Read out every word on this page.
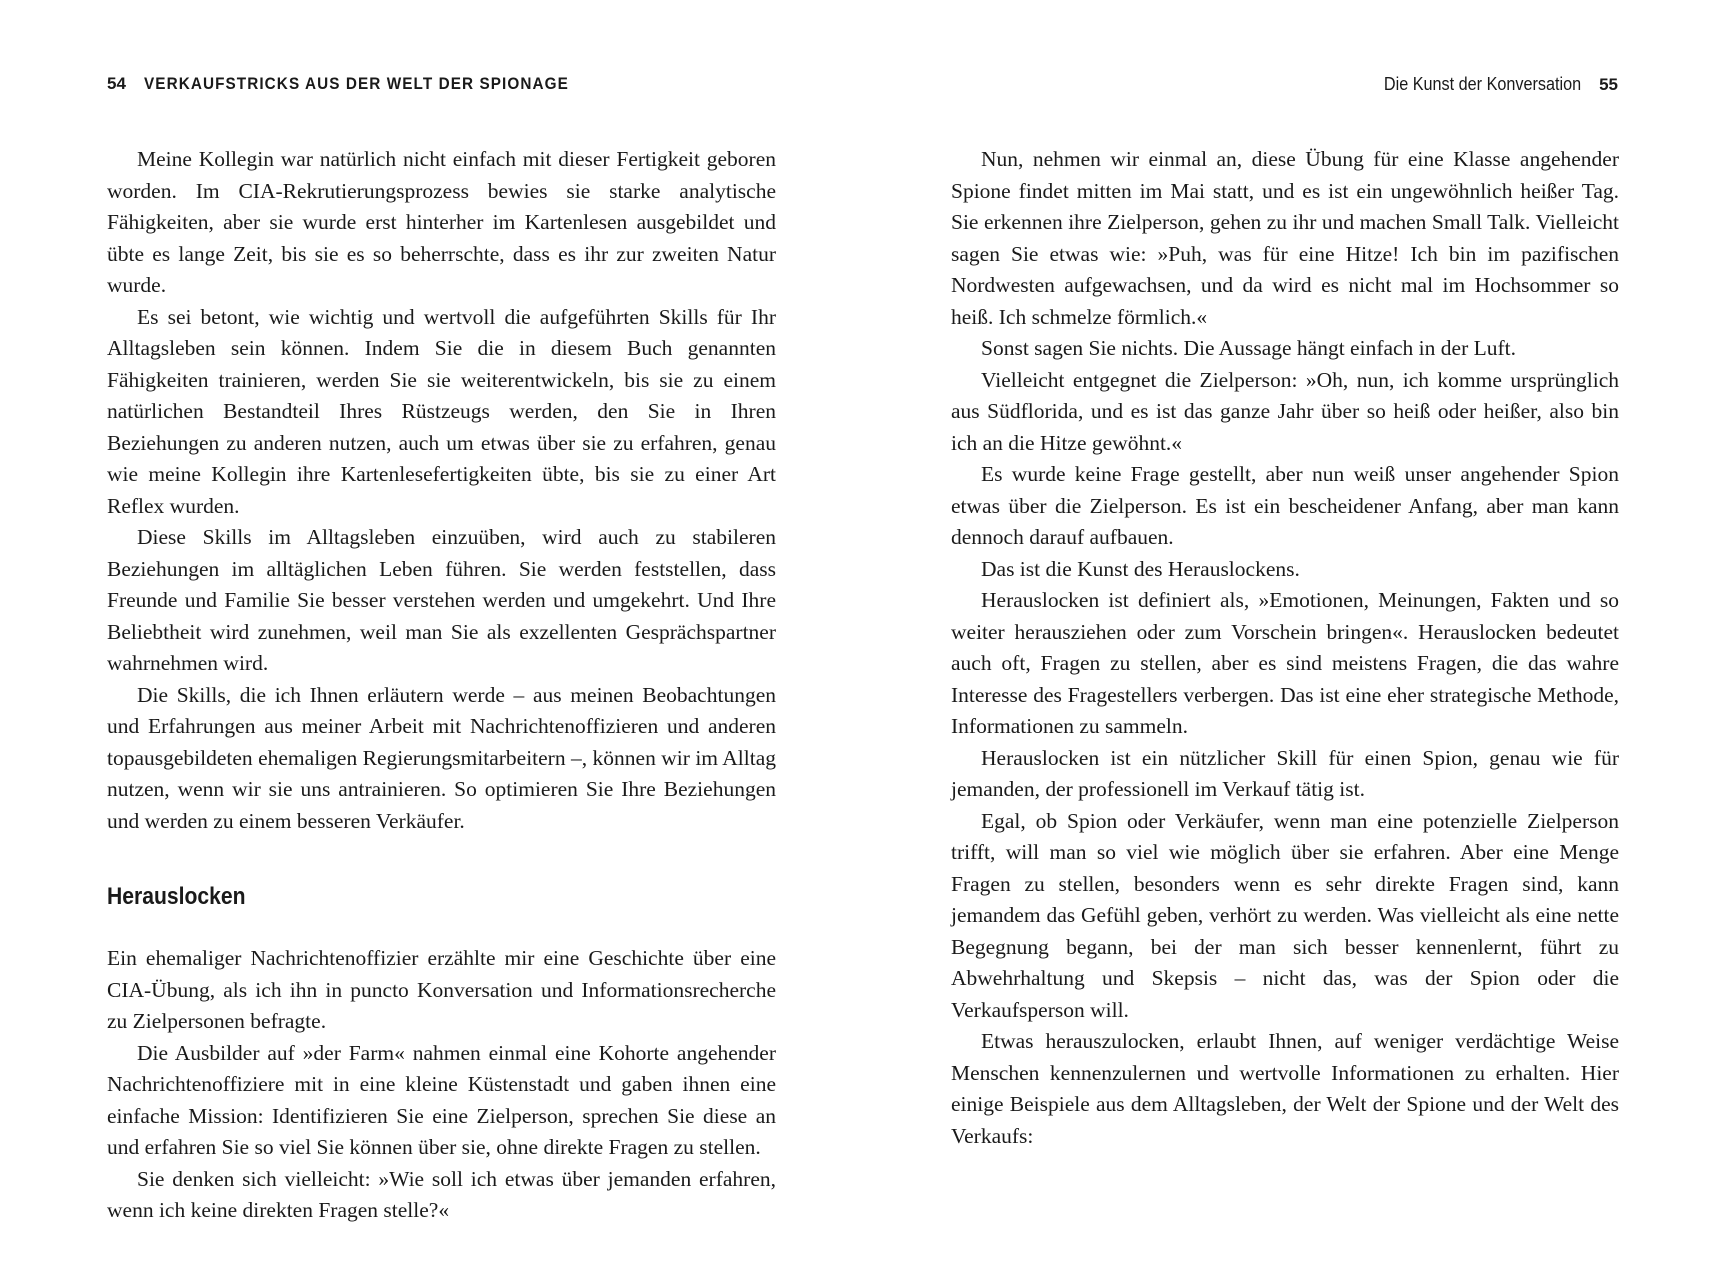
54 VERKAUFSTRICKS AUS DER WELT DER SPIONAGE

Meine Kollegin war natürlich nicht einfach mit dieser Fertigkeit geboren worden. Im CIA-Rekrutierungsprozess bewies sie starke analytische Fähigkeiten, aber sie wurde erst hinterher im Kartenlesen ausgebildet und übte es lange Zeit, bis sie es so beherrschte, dass es ihr zur zweiten Natur wurde.

Es sei betont, wie wichtig und wertvoll die aufgeführten Skills für Ihr Alltagsleben sein können. Indem Sie die in diesem Buch genannten Fähigkeiten trainieren, werden Sie sie weiterentwickeln, bis sie zu einem natürlichen Bestandteil Ihres Rüstzeugs werden, den Sie in Ihren Beziehungen zu anderen nutzen, auch um etwas über sie zu erfahren, genau wie meine Kollegin ihre Kartenlesefertigkeiten übte, bis sie zu einer Art Reflex wurden.

Diese Skills im Alltagsleben einzuüben, wird auch zu stabileren Beziehungen im alltäglichen Leben führen. Sie werden feststellen, dass Freunde und Familie Sie besser verstehen werden und umgekehrt. Und Ihre Beliebtheit wird zunehmen, weil man Sie als exzellenten Gesprächspartner wahrnehmen wird.

Die Skills, die ich Ihnen erläutern werde – aus meinen Beobachtungen und Erfahrungen aus meiner Arbeit mit Nachrichtenoffizieren und anderen topausgebildeten ehemaligen Regierungsmitarbeitern –, können wir im Alltag nutzen, wenn wir sie uns antrainieren. So optimieren Sie Ihre Beziehungen und werden zu einem besseren Verkäufer.

Herauslocken

Ein ehemaliger Nachrichtenoffizier erzählte mir eine Geschichte über eine CIA-Übung, als ich ihn in puncto Konversation und Informationsrecherche zu Zielpersonen befragte.

Die Ausbilder auf »der Farm« nahmen einmal eine Kohorte angehender Nachrichtenoffiziere mit in eine kleine Küstenstadt und gaben ihnen eine einfache Mission: Identifizieren Sie eine Zielperson, sprechen Sie diese an und erfahren Sie so viel Sie können über sie, ohne direkte Fragen zu stellen.

Sie denken sich vielleicht: »Wie soll ich etwas über jemanden erfahren, wenn ich keine direkten Fragen stelle?«

Die Kunst der Konversation 55

Nun, nehmen wir einmal an, diese Übung für eine Klasse angehender Spione findet mitten im Mai statt, und es ist ein ungewöhnlich heißer Tag. Sie erkennen ihre Zielperson, gehen zu ihr und machen Small Talk. Vielleicht sagen Sie etwas wie: »Puh, was für eine Hitze! Ich bin im pazifischen Nordwesten aufgewachsen, und da wird es nicht mal im Hochsommer so heiß. Ich schmelze förmlich.«

Sonst sagen Sie nichts. Die Aussage hängt einfach in der Luft.

Vielleicht entgegnet die Zielperson: »Oh, nun, ich komme ursprünglich aus Südflorida, und es ist das ganze Jahr über so heiß oder heißer, also bin ich an die Hitze gewöhnt.«

Es wurde keine Frage gestellt, aber nun weiß unser angehender Spion etwas über die Zielperson. Es ist ein bescheidener Anfang, aber man kann dennoch darauf aufbauen.

Das ist die Kunst des Herauslockens.

Herauslocken ist definiert als, »Emotionen, Meinungen, Fakten und so weiter herausziehen oder zum Vorschein bringen«. Herauslocken bedeutet auch oft, Fragen zu stellen, aber es sind meistens Fragen, die das wahre Interesse des Fragestellers verbergen. Das ist eine eher strategische Methode, Informationen zu sammeln.

Herauslocken ist ein nützlicher Skill für einen Spion, genau wie für jemanden, der professionell im Verkauf tätig ist.

Egal, ob Spion oder Verkäufer, wenn man eine potenzielle Zielperson trifft, will man so viel wie möglich über sie erfahren. Aber eine Menge Fragen zu stellen, besonders wenn es sehr direkte Fragen sind, kann jemandem das Gefühl geben, verhört zu werden. Was vielleicht als eine nette Begegnung begann, bei der man sich besser kennenlernt, führt zu Abwehrhaltung und Skepsis – nicht das, was der Spion oder die Verkaufsperson will.

Etwas herauszulocken, erlaubt Ihnen, auf weniger verdächtige Weise Menschen kennenzulernen und wertvolle Informationen zu erhalten. Hier einige Beispiele aus dem Alltagsleben, der Welt der Spione und der Welt des Verkaufs:
